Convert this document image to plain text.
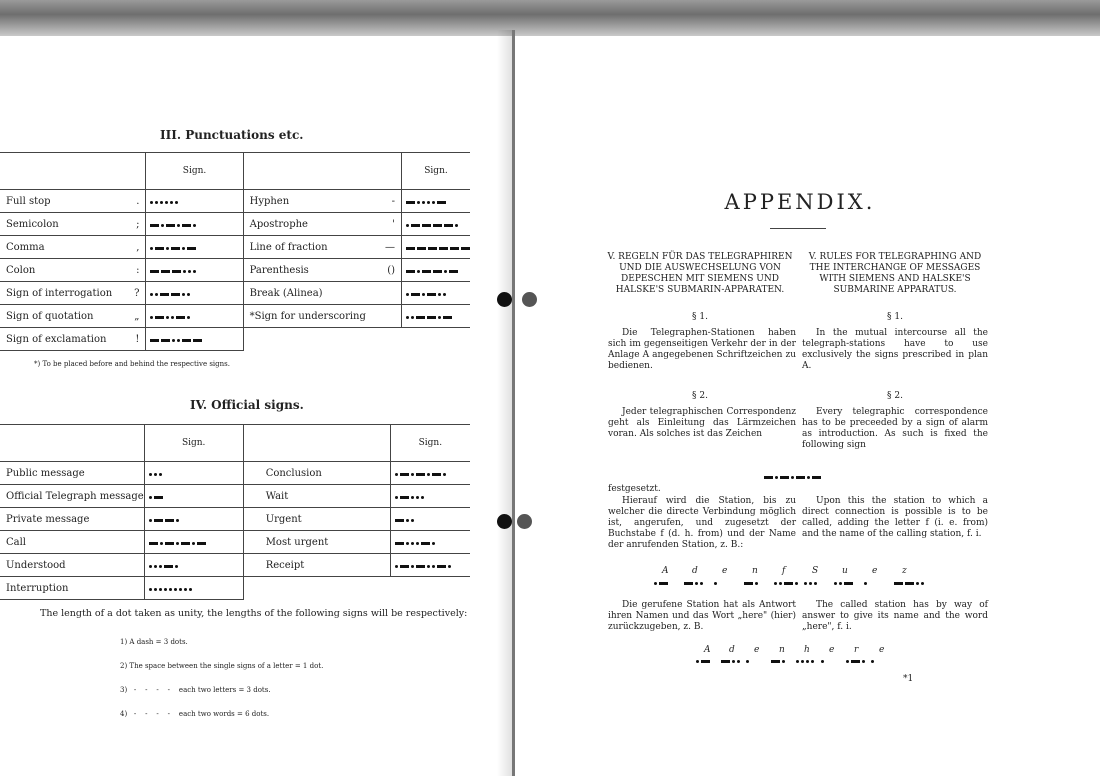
III. Punctuations etc.
		Sign.			Sign.
Full stop	.		Hyphen	-	

Semicolon	;		Apostrophe	'	

Comma	,		Line of fraction	—	

Colon	:		Parenthesis	()	

Sign of interrogation	?		Break (Alinea)		

Sign of quotation	„		*Sign for underscoring		

Sign of exclamation	!			

*) To be placed before and behind the respective signs.
IV. Official signs.
	Sign.		Sign.
Public message		Conclusion	

Official Telegraph message		Wait	

Private message		Urgent	

Call		Most urgent	

Understood		Receipt	

Interruption		

The length of a dot taken as unity, the lengths of the following signs will be respectively:

1) A dash = 3 dots.

2) The space between the single signs of a letter = 1 dot.

3)   -    -    -    -    each two letters = 3 dots.

4)   -    -    -    -    each two words = 6 dots.

APPENDIX.
V. REGELN FÜR DAS TELEGRAPHIREN UND DIE AUSWECHSELUNG VON DEPESCHEN MIT SIEMENS UND HALSKE'S SUBMARIN-APPARATEN.
V. RULES FOR TELEGRAPHING AND THE INTERCHANGE OF MESSAGES WITH SIEMENS AND HALSKE'S SUBMARINE APPARATUS.
§ 1.	§ 1.
Die Telegraphen-Stationen haben sich im gegenseitigen Verkehr der in der Anlage A angegebenen Schriftzeichen zu bedienen.
In the mutual intercourse all the telegraph-stations have to use exclusively the signs prescribed in plan A.
§ 2.	§ 2.
Jeder telegraphischen Correspondenz geht als Einleitung das Lärmzeichen voran. Als solches ist das Zeichen
Every telegraphic correspondence has to be preceeded by a sign of alarm as introduction. As such is fixed the following sign
festgesetzt.
Hierauf wird die Station, bis zu welcher die directe Verbindung möglich ist, angerufen, und zugesetzt der Buchstabe f (d. h. from) und der Name der anrufenden Station, z. B.:
Upon this the station to which a direct connection is possible is to be called, adding the letter f (i. e. from) and the name of the calling station, f. i.
A	d	e	n	f	S	u	e	z
Die gerufene Station hat als Antwort ihren Namen und das Wort „here" (hier) zurückzugeben, z. B.
The called station has by way of answer to give its name and the word „here", f. i.
A d e n h e r e
*1
